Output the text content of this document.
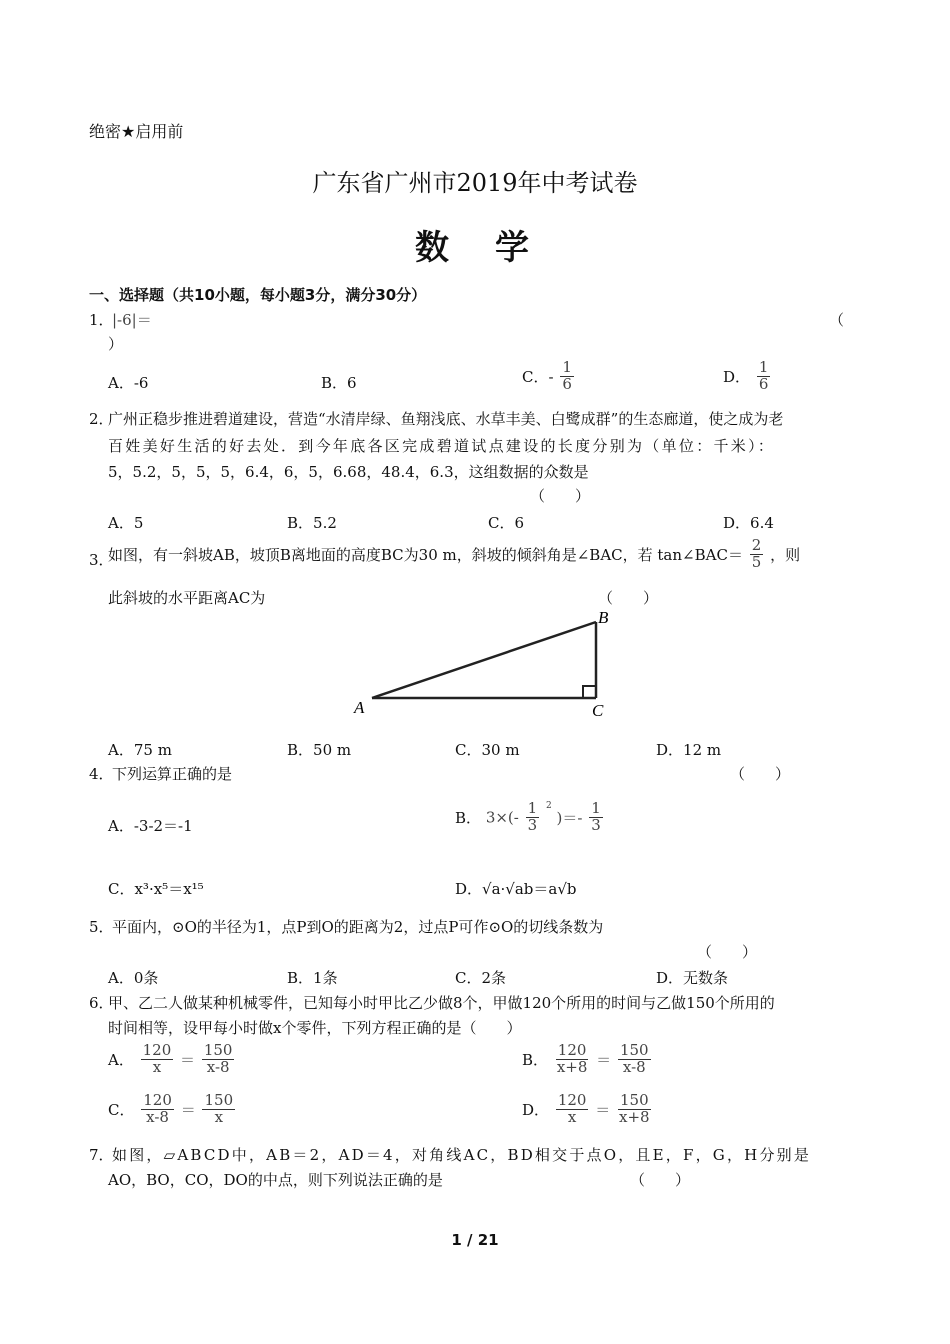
绝密★启用前
广东省广州市2019年中考试卷
数　学
一、选择题（共10小题，每小题3分，满分30分）
1．
|-6|＝	（
）
A．-6	B．6	C．- $\frac{1}{6}$	D． $\frac{1}{6}$
2．
广州正稳步推进碧道建设，营造“水清岸绿、鱼翔浅底、水草丰美、白鹭成群”的生态廊道，使之成为老
百姓美好生活的好去处．到今年底各区完成碧道试点建设的长度分别为（单位：千米）：
5，5.2，5，5，5，6.4，6，5，6.68，48.4，6.3，这组数据的众数是
（　　）
A．5	B．5.2	C．6	D．6.4
3．
如图，有一斜坡AB，坡顶B离地面的高度BC为30 m，斜坡的倾斜角是∠BAC，若 tan∠BAC＝ $\frac{2}{5}$ ，则
此斜坡的水平距离AC为	（　　）
A
B
C
A．75 m	B．50 m	C．30 m	D．12 m
4．
下列运算正确的是	（　　）
A．-3-2＝-1	B． $3\times(- \frac{1}{3} ^2$ )＝- $\frac{1}{3}$
C．x³·x⁵＝x¹⁵	D．√a·√ab＝a√b
5．
平面内，⊙O的半径为1，点P到O的距离为2，过点P可作⊙O的切线条数为
（　　）
A．0条	B．1条	C．2条	D．无数条
6．
甲、乙二人做某种机械零件，已知每小时甲比乙少做8个，甲做120个所用的时间与乙做150个所用的
时间相等，设甲每小时做x个零件，下列方程正确的是（　　）
A． $\frac{120}{x} = \frac{150}{x-8}$	B． $\frac{120}{x+8} = \frac{150}{x-8}$
C． $\frac{120}{x-8} = \frac{150}{x}$	D． $\frac{120}{x} = \frac{150}{x+8}$
7．
如图，▱ABCD中，AB＝2，AD＝4，对角线AC，BD相交于点O，且E，F，G，H分别是
AO，BO，CO，DO的中点，则下列说法正确的是	（　　）
1 / 21
